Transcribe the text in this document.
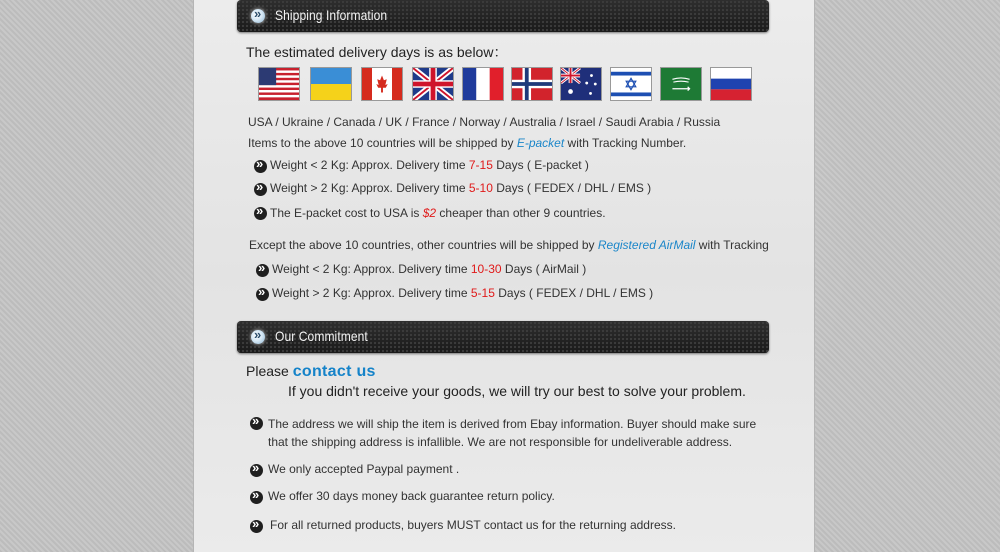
»
Shipping Information
The estimated delivery days is as below：
USA / Ukraine / Canada / UK / France / Norway / Australia / Israel / Saudi Arabia / Russia
Items to the above 10 countries will be shipped by E-packet with Tracking Number.
»
Weight < 2 Kg: Approx. Delivery time 7-15 Days ( E-packet )
»
Weight > 2 Kg: Approx. Delivery time 5-10 Days ( FEDEX / DHL / EMS )
»
The E-packet cost to USA is $2 cheaper than other 9 countries.
Except the above 10 countries, other countries will be shipped by Registered AirMail with Tracking
»
Weight < 2 Kg: Approx. Delivery time 10-30 Days ( AirMail )
»
Weight > 2 Kg: Approx. Delivery time 5-15 Days ( FEDEX / DHL / EMS )
»
Our Commitment
Please contact us
If you didn't receive your goods, we will try our best to solve your problem.
»
The address we will ship the item is derived from Ebay information. Buyer should make sure
that the shipping address is infallible. We are not responsible for undeliverable address.
»
We only accepted Paypal payment .
»
We offer 30 days money back guarantee return policy.
»
For all returned products, buyers MUST contact us for the returning address.
